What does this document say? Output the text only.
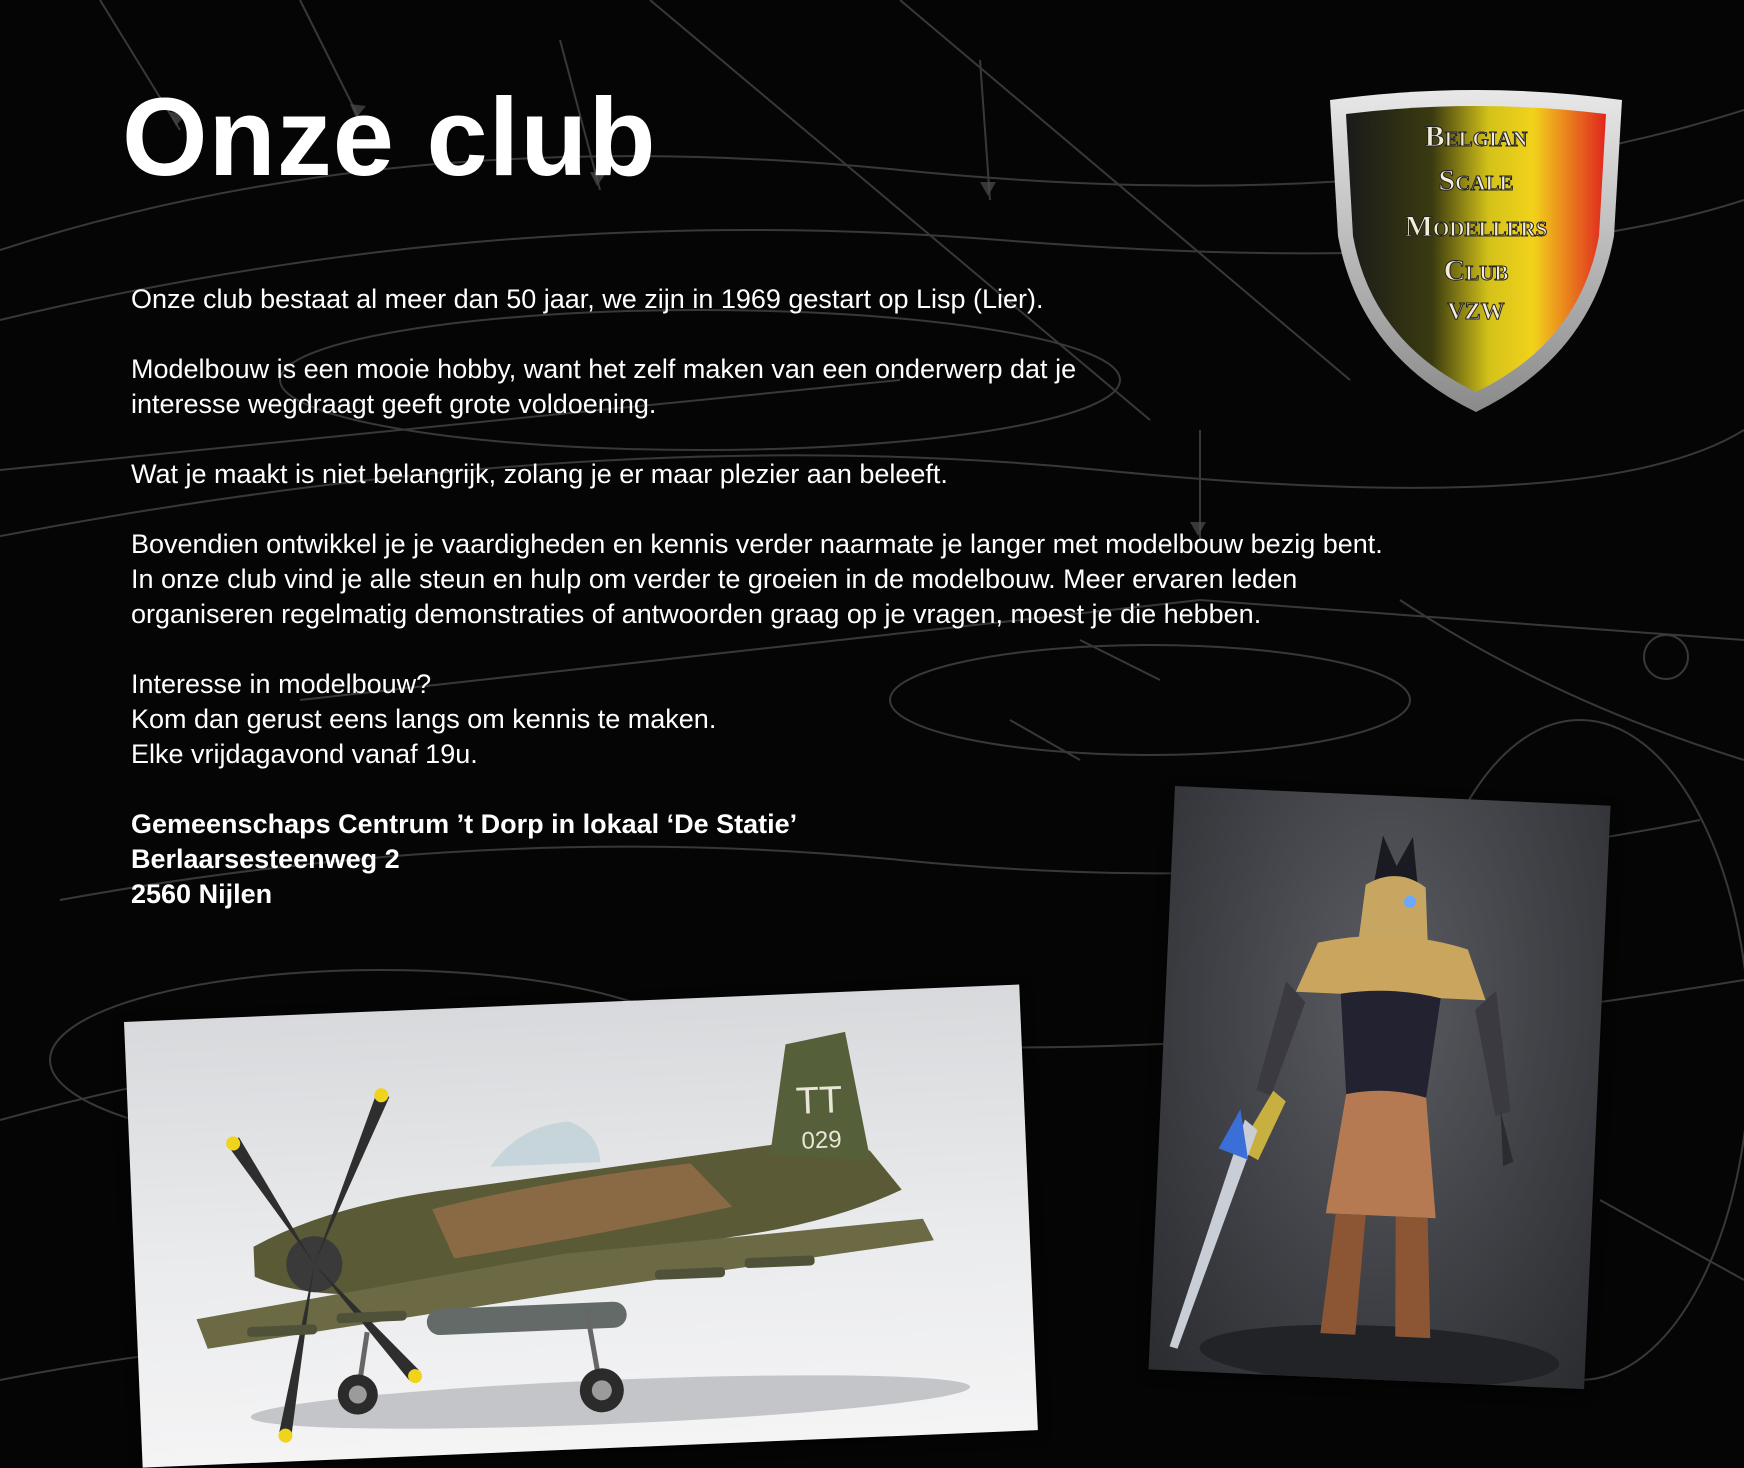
Onze club	Belgian
Scale
Modellers
Club
VZW

Onze club bestaat al meer dan 50 jaar, we zijn in 1969 gestart op Lisp (Lier).

Modelbouw is een mooie hobby, want het zelf maken van een onderwerp dat je
interesse wegdraagt geeft grote voldoening.

Wat je maakt is niet belangrijk, zolang je er maar plezier aan beleeft.

Bovendien ontwikkel je je vaardigheden en kennis verder naarmate je langer met modelbouw bezig bent.
In onze club vind je alle steun en hulp om verder te groeien in de modelbouw. Meer ervaren leden
organiseren regelmatig demonstraties of antwoorden graag op je vragen, moest je die hebben.

Interesse in modelbouw?
Kom dan gerust eens langs om kennis te maken.
Elke vrijdagavond vanaf 19u.

Gemeenschaps Centrum ’t Dorp in lokaal ‘De Statie’
Berlaarsesteenweg 2
2560 Nijlen

TT
029
